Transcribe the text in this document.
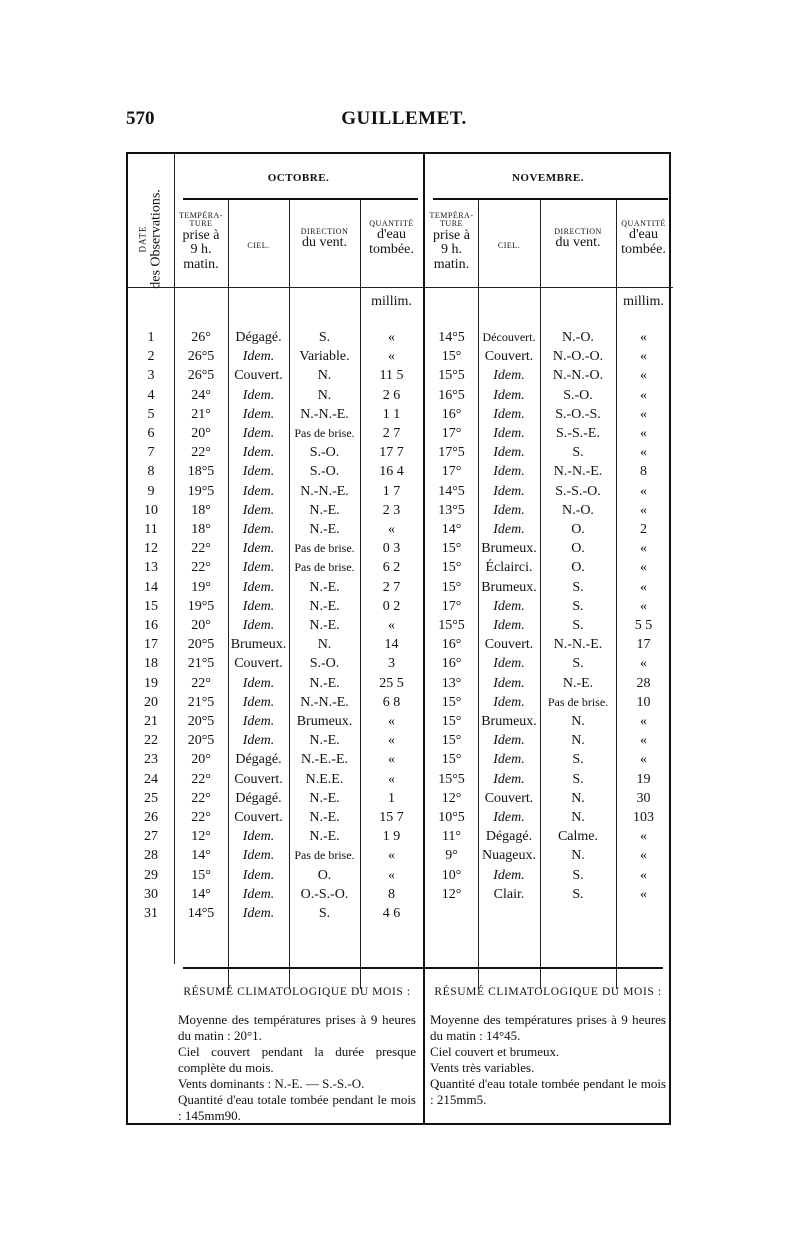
570	GUILLEMET.
DATE des Observations.
OCTOBRE.	NOVEMBRE.
TEMPÉRA-
TURE
prise à 9 h. matin.
CIEL.
DIRECTION
du vent.
QUANTITÉ
d'eau tombée.
TEMPÉRA-
TURE
prise à 9 h. matin.
CIEL.
DIRECTION
du vent.
QUANTITÉ
d'eau tombée.
millim.	millim.
1	26°	Dégagé.	S.	«	14°5	Découvert.	N.-O.	«
2	26°5	Idem.	Variable.	«	15°	Couvert.	N.-O.-O.	«
3	26°5	Couvert.	N.	11 5	15°5	Idem.	N.-N.-O.	«
4	24°	Idem.	N.	2 6	16°5	Idem.	S.-O.	«
5	21°	Idem.	N.-N.-E.	1 1	16°	Idem.	S.-O.-S.	«
6	20°	Idem.	Pas de brise.	2 7	17°	Idem.	S.-S.-E.	«
7	22°	Idem.	S.-O.	17 7	17°5	Idem.	S.	«
8	18°5	Idem.	S.-O.	16 4	17°	Idem.	N.-N.-E.	8
9	19°5	Idem.	N.-N.-E.	1 7	14°5	Idem.	S.-S.-O.	«
10	18°	Idem.	N.-E.	2 3	13°5	Idem.	N.-O.	«
11	18°	Idem.	N.-E.	«	14°	Idem.	O.	2
12	22°	Idem.	Pas de brise.	0 3	15°	Brumeux.	O.	«
13	22°	Idem.	Pas de brise.	6 2	15°	Éclairci.	O.	«
14	19°	Idem.	N.-E.	2 7	15°	Brumeux.	S.	«
15	19°5	Idem.	N.-E.	0 2	17°	Idem.	S.	«
16	20°	Idem.	N.-E.	«	15°5	Idem.	S.	5 5
17	20°5	Brumeux.	N.	14	16°	Couvert.	N.-N.-E.	17
18	21°5	Couvert.	S.-O.	3	16°	Idem.	S.	«
19	22°	Idem.	N.-E.	25 5	13°	Idem.	N.-E.	28
20	21°5	Idem.	N.-N.-E.	6 8	15°	Idem.	Pas de brise.	10
21	20°5	Idem.	Brumeux.	«	15°	Brumeux.	N.	«
22	20°5	Idem.	N.-E.	«	15°	Idem.	N.	«
23	20°	Dégagé.	N.-E.-E.	«	15°	Idem.	S.	«
24	22°	Couvert.	N.E.E.	«	15°5	Idem.	S.	19
25	22°	Dégagé.	N.-E.	1	12°	Couvert.	N.	30
26	22°	Couvert.	N.-E.	15 7	10°5	Idem.	N.	103
27	12°	Idem.	N.-E.	1 9	11°	Dégagé.	Calme.	«
28	14°	Idem.	Pas de brise.	«	9°	Nuageux.	N.	«
29	15°	Idem.	O.	«	10°	Idem.	S.	«
30	14°	Idem.	O.-S.-O.	8	12°	Clair.	S.	«
31	14°5	Idem.	S.	4 6
RÉSUMÉ CLIMATOLOGIQUE DU MOIS :

Moyenne des températures prises à 9 heures du matin : 20°1.

Ciel couvert pendant la durée presque complète du mois.

Vents dominants : N.-E. — S.-S.-O.

Quantité d'eau totale tombée pendant le mois : 145mm90.

RÉSUMÉ CLIMATOLOGIQUE DU MOIS :

Moyenne des températures prises à 9 heures du matin : 14°45.

Ciel couvert et brumeux.

Vents très variables.

Quantité d'eau totale tombée pendant le mois : 215mm5.
